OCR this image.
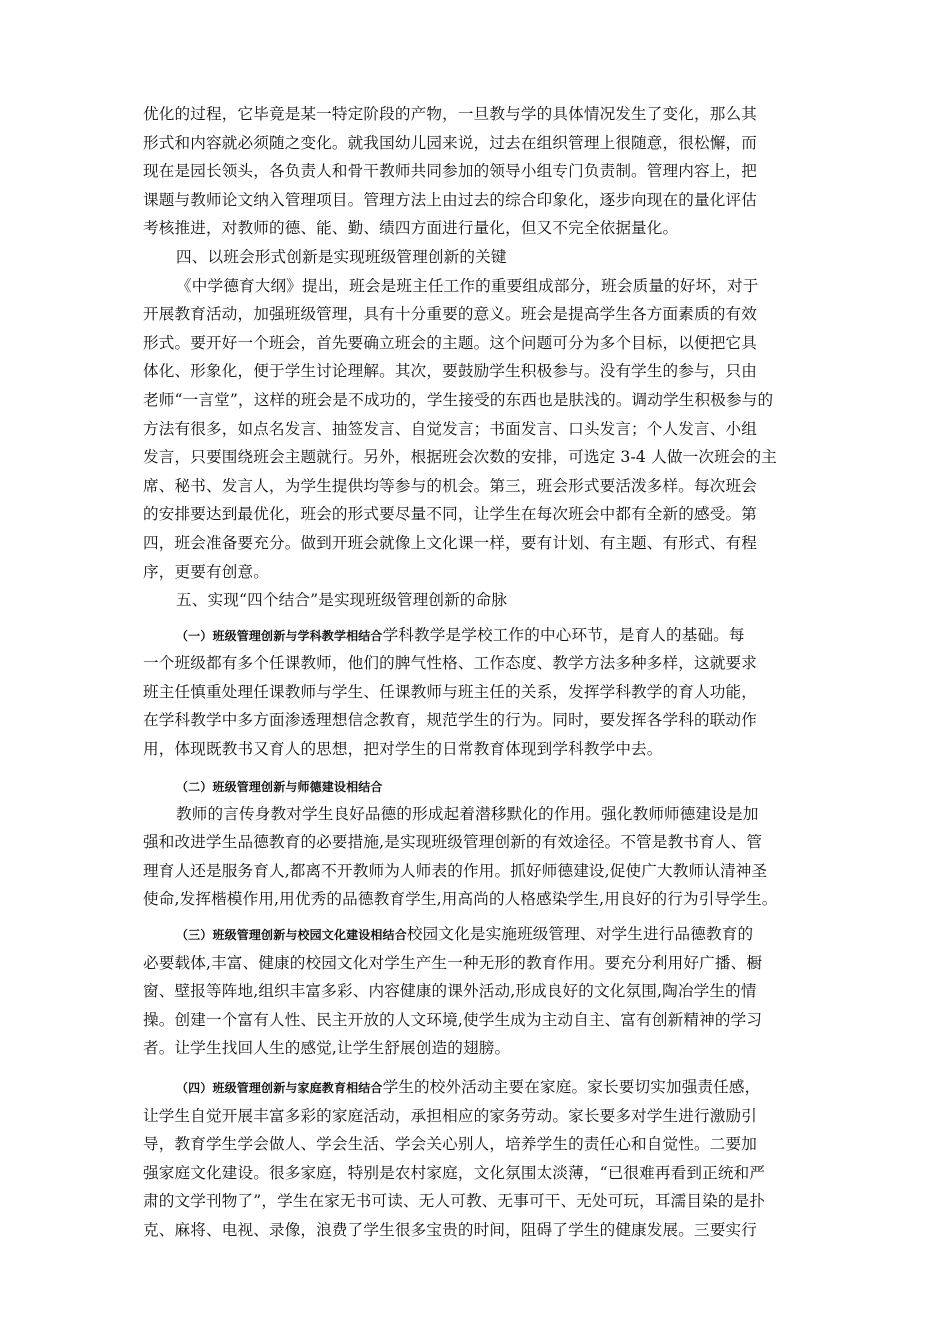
优化的过程，它毕竟是某一特定阶段的产物，一旦教与学的具体情况发生了变化，那么其
形式和内容就必须随之变化。就我国幼儿园来说，过去在组织管理上很随意，很松懈，而
现在是园长领头，各负责人和骨干教师共同参加的领导小组专门负责制。管理内容上，把
课题与教师论文纳入管理项目。管理方法上由过去的综合印象化，逐步向现在的量化评估
考核推进，对教师的德、能、勤、绩四方面进行量化，但又不完全依据量化。
四、以班会形式创新是实现班级管理创新的关键
《中学德育大纲》提出，班会是班主任工作的重要组成部分，班会质量的好坏，对于
开展教育活动，加强班级管理，具有十分重要的意义。班会是提高学生各方面素质的有效
形式。要开好一个班会，首先要确立班会的主题。这个问题可分为多个目标，以便把它具
体化、形象化，便于学生讨论理解。其次，要鼓励学生积极参与。没有学生的参与，只由
老师“一言堂”，这样的班会是不成功的，学生接受的东西也是肤浅的。调动学生积极参与的
方法有很多，如点名发言、抽签发言、自觉发言；书面发言、口头发言；个人发言、小组
发言，只要围绕班会主题就行。另外，根据班会次数的安排，可选定 3-4 人做一次班会的主
席、秘书、发言人，为学生提供均等参与的机会。第三，班会形式要活泼多样。每次班会
的安排要达到最优化，班会的形式要尽量不同，让学生在每次班会中都有全新的感受。第
四，班会准备要充分。做到开班会就像上文化课一样，要有计划、有主题、有形式、有程
序，更要有创意。
五、实现“四个结合”是实现班级管理创新的命脉
（一）班级管理创新与学科教学相结合学科教学是学校工作的中心环节，是育人的基础。每
一个班级都有多个任课教师，他们的脾气性格、工作态度、教学方法多种多样，这就要求
班主任慎重处理任课教师与学生、任课教师与班主任的关系，发挥学科教学的育人功能，
在学科教学中多方面渗透理想信念教育，规范学生的行为。同时，要发挥各学科的联动作
用，体现既教书又育人的思想，把对学生的日常教育体现到学科教学中去。
（二）班级管理创新与师德建设相结合
教师的言传身教对学生良好品德的形成起着潜移默化的作用。强化教师师德建设是加
强和改进学生品德教育的必要措施,是实现班级管理创新的有效途径。不管是教书育人、管
理育人还是服务育人,都离不开教师为人师表的作用。抓好师德建设,促使广大教师认清神圣
使命,发挥楷模作用,用优秀的品德教育学生,用高尚的人格感染学生,用良好的行为引导学生。
（三）班级管理创新与校园文化建设相结合校园文化是实施班级管理、对学生进行品德教育的
必要载体,丰富、健康的校园文化对学生产生一种无形的教育作用。要充分利用好广播、橱
窗、壁报等阵地,组织丰富多彩、内容健康的课外活动,形成良好的文化氛围,陶冶学生的情
操。创建一个富有人性、民主开放的人文环境,使学生成为主动自主、富有创新精神的学习
者。让学生找回人生的感觉,让学生舒展创造的翅膀。
（四）班级管理创新与家庭教育相结合学生的校外活动主要在家庭。家长要切实加强责任感，
让学生自觉开展丰富多彩的家庭活动，承担相应的家务劳动。家长要多对学生进行激励引
导，教育学生学会做人、学会生活、学会关心别人，培养学生的责任心和自觉性。二要加
强家庭文化建设。很多家庭，特别是农村家庭，文化氛围太淡薄，“已很难再看到正统和严
肃的文学刊物了”，学生在家无书可读、无人可教、无事可干、无处可玩，耳濡目染的是扑
克、麻将、电视、录像，浪费了学生很多宝贵的时间，阻碍了学生的健康发展。三要实行
